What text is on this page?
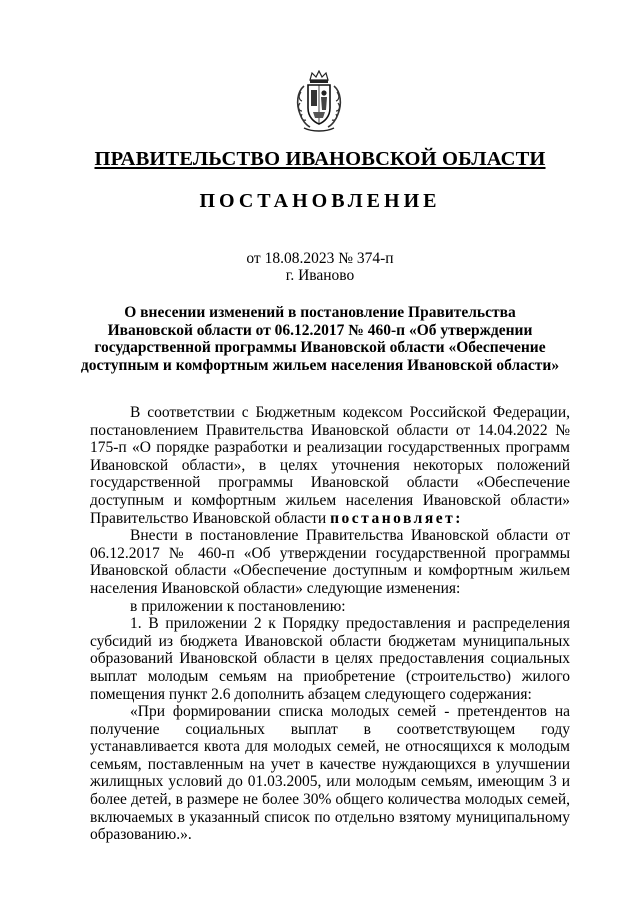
ПРАВИТЕЛЬСТВО ИВАНОВСКОЙ ОБЛАСТИ
ПОСТАНОВЛЕНИЕ
от 18.08.2023 № 374-п
г. Иваново
О внесении изменений в постановление Правительства
Ивановской области от 06.12.2017 № 460-п «Об утверждении
государственной программы Ивановской области «Обеспечение
доступным и комфортным жильем населения Ивановской области»

В соответствии с Бюджетным кодексом Российской Федерации, постановлением Правительства Ивановской области от 14.04.2022 № 175-п «О порядке разработки и реализации государственных программ Ивановской области», в целях уточнения некоторых положений государственной программы Ивановской области «Обеспечение доступным и комфортным жильем населения Ивановской области» Правительство Ивановской области постановляет:

Внести в постановление Правительства Ивановской области от 06.12.2017 № 460-п «Об утверждении государственной программы Ивановской области «Обеспечение доступным и комфортным жильем населения Ивановской области» следующие изменения:

в приложении к постановлению:

1. В приложении 2 к Порядку предоставления и распределения субсидий из бюджета Ивановской области бюджетам муниципальных образований Ивановской области в целях предоставления социальных выплат молодым семьям на приобретение (строительство) жилого помещения пункт 2.6 дополнить абзацем следующего содержания:

«При формировании списка молодых семей - претендентов на получение социальных выплат в соответствующем году устанавливается квота для молодых семей, не относящихся к молодым семьям, поставленным на учет в качестве нуждающихся в улучшении жилищных условий до 01.03.2005, или молодым семьям, имеющим 3 и более детей, в размере не более 30% общего количества молодых семей, включаемых в указанный список по отдельно взятому муниципальному образованию.».
